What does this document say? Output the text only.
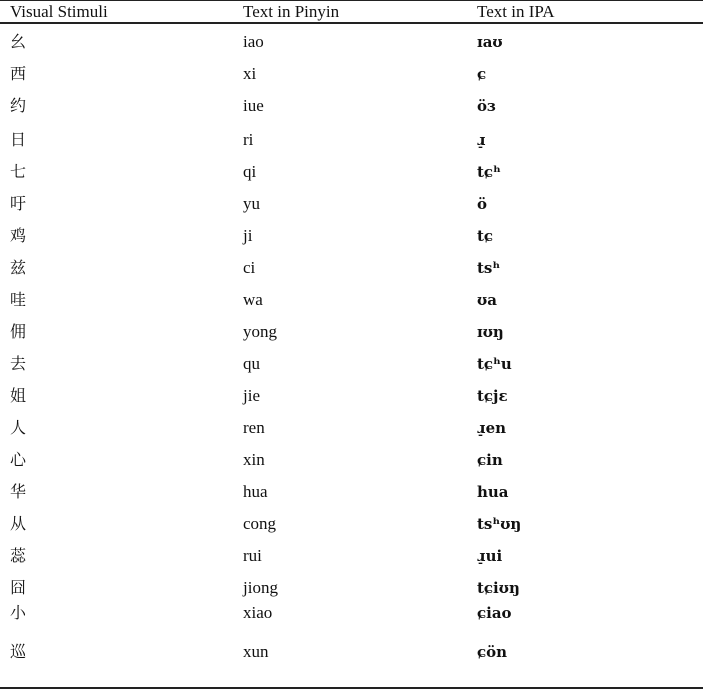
Visual Stimuli	Text in Pinyin	Text in IPA
幺	iao	ɪaʊ
西	xi	ɕ
约	iue	öɜ
日	ri	ɹ̠
七	qi	tɕʰ
吁	yu	ö
鸡	ji	tɕ
兹	ci	tsʰ
哇	wa	ʊa
佣	yong	ɪʊŋ
去	qu	tɕʰu
姐	jie	tɕjɛ
人	ren	ɹ̠en
心	xin	ɕin
华	hua	hua
从	cong	tsʰʊŋ
蕊	rui	ɹ̠ui
囧	jiong	tɕiʊŋ
小	xiao	ɕiao
巡	xun	ɕön
